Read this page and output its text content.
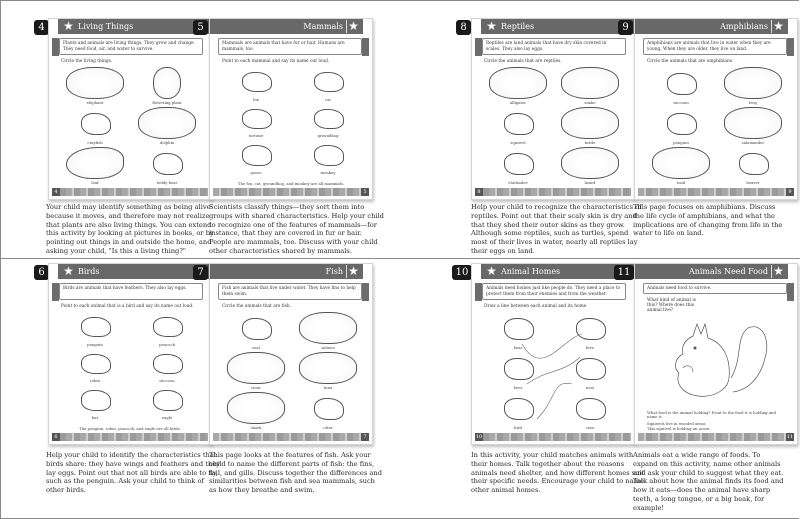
4	★ Living Things
Plants and animals are living things. They grow and change. They need food, air, and water to survive.
Circle the living things.
elephant	flowering plant
crayfish	dolphin
leaf	teddy bear
4
Your child may identify something as being alive because it moves, and therefore may not realize that plants are also living things. You can extend this activity by looking at pictures in books, or by pointing out things in and outside the home, and asking your child, "Is this a living thing?"
5	Mammals ★
Mammals are animals that have fur or hair. Humans are mammals, too.
Point to each mammal and say its name out loud.
fox	cat
tortoise	groundhog
goose	monkey
The fox, cat, groundhog, and monkey are all mammals.
5
Scientists classify things—they sort them into groups with shared characteristics. Help your child to recognize one of the features of mammals—for instance, that they are covered in fur or hair. People are mammals, too. Discuss with your child other characteristics shared by mammals.
8	★ Reptiles
Reptiles are land animals that have dry skin covered in scales. They also lay eggs.
Circle the animals that are reptiles.
alligator	snake
squirrel	turtle
chickadee	lizard
8
Help your child to recognize the characteristics of reptiles. Point out that their scaly skin is dry and that they shed their outer skins as they grow. Although some reptiles, such as turtles, spend most of their lives in water, nearly all reptiles lay their eggs on land.
9	Amphibians ★
Amphibians are animals that live in water when they are young. When they are older, they live on land.
Circle the animals that are amphibians.
raccoon	frog
penguin	salamander
toad	beaver
9
This page focuses on amphibians. Discuss the life cycle of amphibians, and what the implications are of changing from life in the water to life on land.
6	★ Birds
Birds are animals that have feathers. They also lay eggs.
Point to each animal that is a bird and say its name out loud.
penguin	peacock
robin	raccoon
bat	eagle
The penguin, robin, peacock, and eagle are all birds.
6
Help your child to identify the characteristics that birds share: they have wings and feathers and they lay eggs. Point out that not all birds are able to fly, such as the penguin. Ask your child to think of other birds.
7	Fish ★
Fish are animals that live under water. They have fins to help them swim.
Circle the animals that are fish.
seal	salmon
trout	tuna
shark	otter
7
This page looks at the features of fish. Ask your child to name the different parts of fish: the fins, tail, and gills. Discuss together the differences and similarities between fish and sea mammals, such as how they breathe and swim.
10	★ Animal Homes
Animals need homes just like people do. They need a place to protect them from their enemies and from the weather.
Draw a line between each animal and its home.
bear	hive
bees	nest
bird	cave
10
In this activity, your child matches animals with their homes. Talk together about the reasons animals need shelter, and how different homes suit their specific needs. Encourage your child to name other animal homes.
11	Animals Need Food ★
Animals need food to survive.
What kind of animal is this? Where does this animal live?
What food is the animal holding? Point to the food it is holding and name it.
Squirrels live in wooded areas.
This squirrel is holding an acorn.
11
Animals eat a wide range of foods. To expand on this activity, name other animals and ask your child to suggest what they eat. Talk about how the animal finds its food and how it eats—does the animal have sharp teeth, a long tongue, or a big beak, for example!
